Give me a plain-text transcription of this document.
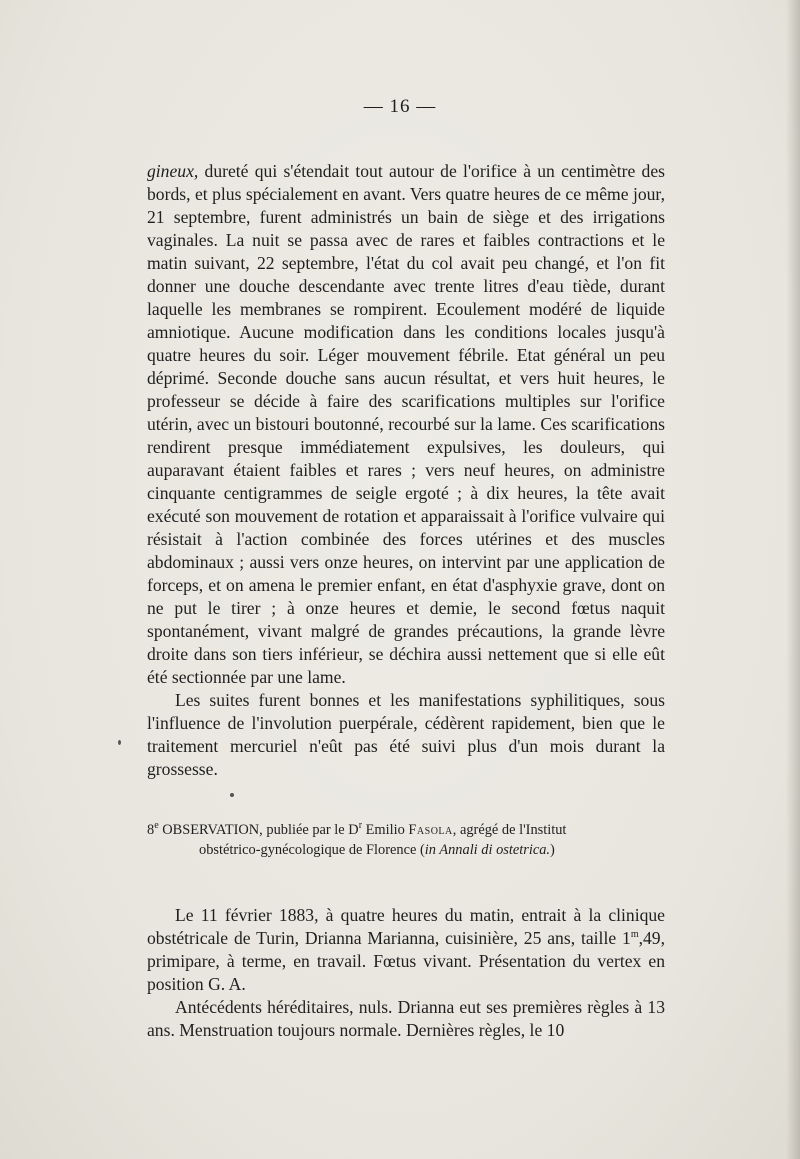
— 16 —

gineux, dureté qui s'étendait tout autour de l'orifice à un centimètre des bords, et plus spécialement en avant. Vers quatre heures de ce même jour, 21 septembre, furent administrés un bain de siège et des irrigations vaginales. La nuit se passa avec de rares et faibles contractions et le matin suivant, 22 septembre, l'état du col avait peu changé, et l'on fit donner une douche descendante avec trente litres d'eau tiède, durant laquelle les membranes se rompirent. Ecoulement modéré de liquide amniotique. Aucune modification dans les conditions locales jusqu'à quatre heures du soir. Léger mouvement fébrile. Etat général un peu déprimé. Seconde douche sans aucun résultat, et vers huit heures, le professeur se décide à faire des scarifications multiples sur l'orifice utérin, avec un bistouri boutonné, recourbé sur la lame. Ces scarifications rendirent presque immédiatement expulsives, les douleurs, qui auparavant étaient faibles et rares ; vers neuf heures, on administre cinquante centigrammes de seigle ergoté ; à dix heures, la tête avait exécuté son mouvement de rotation et apparaissait à l'orifice vulvaire qui résistait à l'action combinée des forces utérines et des muscles abdominaux ; aussi vers onze heures, on intervint par une application de forceps, et on amena le premier enfant, en état d'asphyxie grave, dont on ne put le tirer ; à onze heures et demie, le second fœtus naquit spontanément, vivant malgré de grandes précautions, la grande lèvre droite dans son tiers inférieur, se déchira aussi nettement que si elle eût été sectionnée par une lame.

Les suites furent bonnes et les manifestations syphilitiques, sous l'influence de l'involution puerpérale, cédèrent rapidement, bien que le traitement mercuriel n'eût pas été suivi plus d'un mois durant la grossesse.

8e OBSERVATION, publiée par le $D^r$ Emilio Fasola, agrégé de l'Institut
obstétrico-gynécologique de Florence (in Annali di ostetrica.)

Le 11 février 1883, à quatre heures du matin, entrait à la clinique obstétricale de Turin, Drianna Marianna, cuisinière, 25 ans, taille 1$^m$,49, primipare, à terme, en travail. Fœtus vivant. Présentation du vertex en position G. A.

Antécédents héréditaires, nuls. Drianna eut ses premières règles à 13 ans. Menstruation toujours normale. Dernières règles, le 10
